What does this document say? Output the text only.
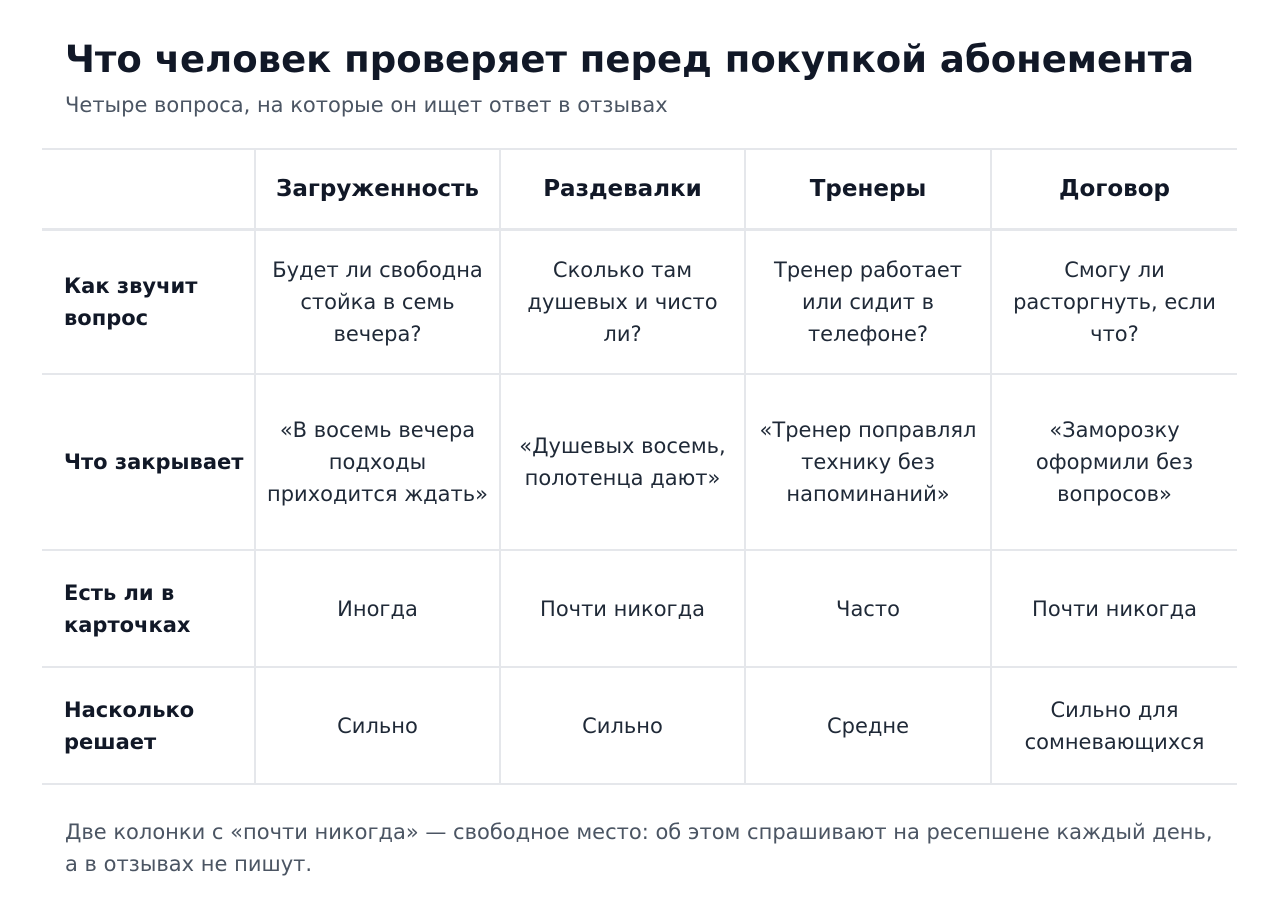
Что человек проверяет перед покупкой абонемента

Четыре вопроса, на которые он ищет ответ в отзывах

	Загруженность	Раздевалки	Тренеры	Договор
Как звучит вопрос	Будет ли свободна стойка в семь вечера?	Сколько там душевых и чисто ли?	Тренер работает или сидит в телефоне?	Смогу ли расторгнуть, если что?
Что закрывает	«В восемь вечера подходы приходится ждать»	«Душевых восемь, полотенца дают»	«Тренер поправлял технику без напоминаний»	«Заморозку оформили без вопросов»
Есть ли в карточках	Иногда	Почти никогда	Часто	Почти никогда
Насколько решает	Сильно	Сильно	Средне	Сильно для сомневающихся

Две колонки с «почти никогда» — свободное место: об этом спрашивают на ресепшене каждый день, а в отзывах не пишут.
